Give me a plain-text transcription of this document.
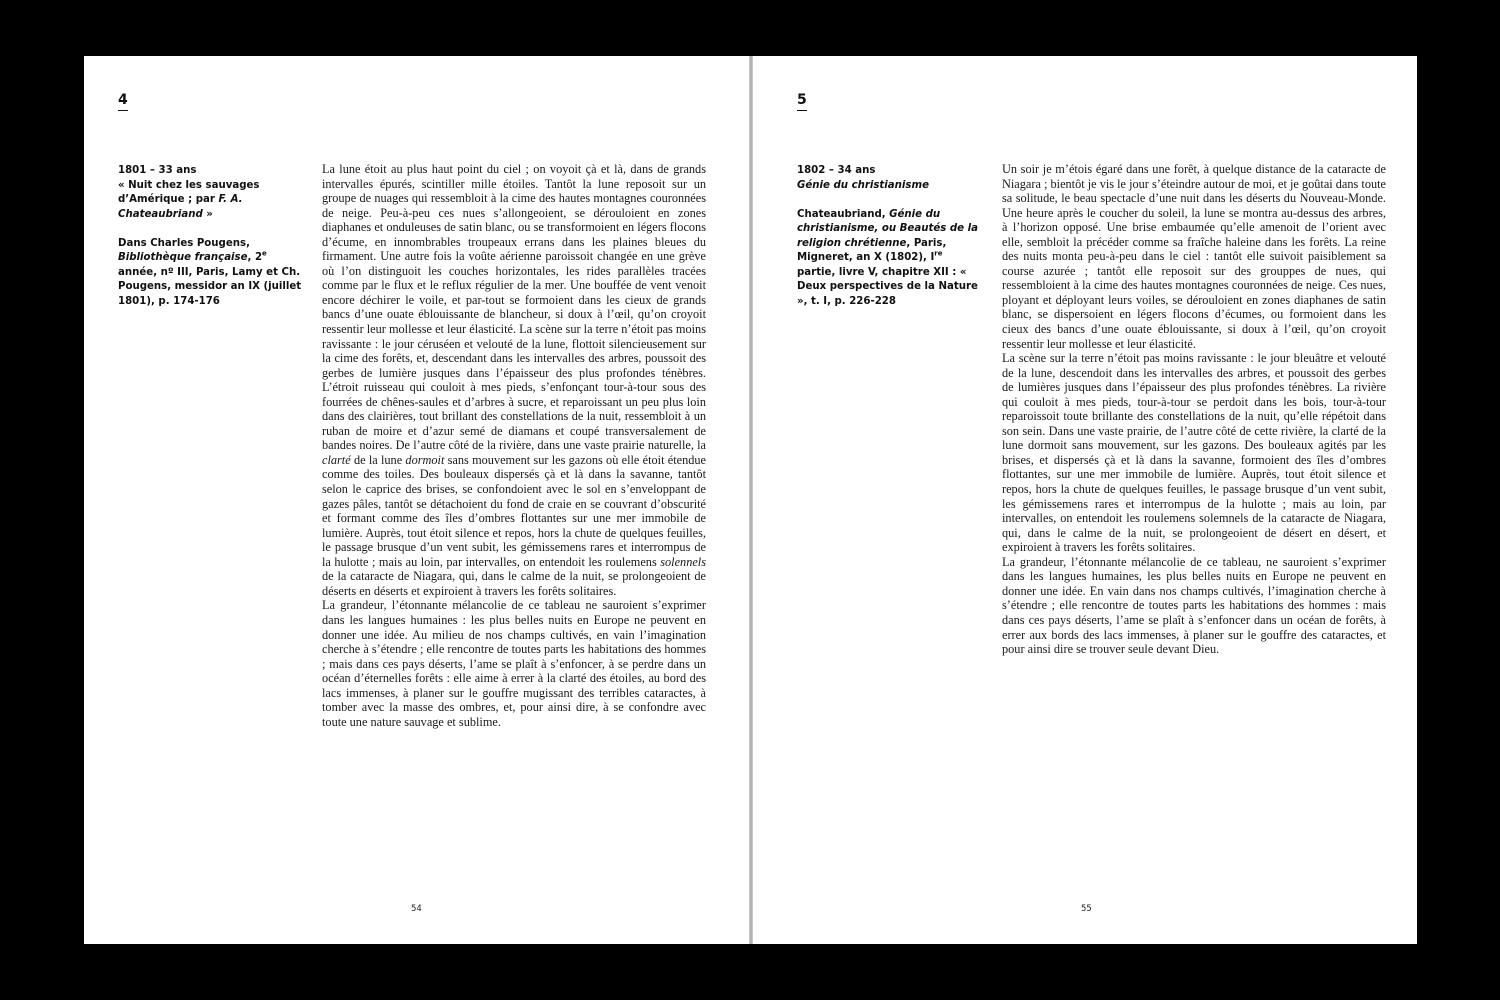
4
1801 – 33 ans
« Nuit chez les sauvages d’Amérique ; par F. A. Chateaubriand »
Dans Charles Pougens, Bibliothèque française, 2e année, nº III, Paris, Lamy et Ch. Pougens, messidor an IX (juillet 1801), p. 174-176

La lune étoit au plus haut point du ciel ; on voyoit çà et là, dans de grands intervalles épurés, scintiller mille étoiles. Tantôt la lune reposoit sur un groupe de nuages qui ressembloit à la cime des hautes montagnes couronnées de neige. Peu-à-peu ces nues s’allongeoient, se dérouloient en zones diaphanes et onduleuses de satin blanc, ou se transformoient en légers flocons d’écume, en innombrables troupeaux errans dans les plaines bleues du firmament. Une autre fois la voûte aérienne paroissoit changée en une grève où l’on distinguoit les couches horizontales, les rides parallèles tracées comme par le flux et le reflux régulier de la mer. Une bouffée de vent venoit encore déchirer le voile, et par-tout se formoient dans les cieux de grands bancs d’une ouate éblouissante de blancheur, si doux à l’œil, qu’on croyoit ressentir leur mollesse et leur élasticité. La scène sur la terre n’étoit pas moins ravissante : le jour céruséen et velouté de la lune, flottoit silencieusement sur la cime des forêts, et, descendant dans les intervalles des arbres, poussoit des gerbes de lumière jusques dans l’épaisseur des plus profondes ténèbres. L’étroit ruisseau qui couloit à mes pieds, s’enfonçant tour-à-tour sous des fourrées de chênes-saules et d’arbres à sucre, et reparoissant un peu plus loin dans des clairières, tout brillant des constellations de la nuit, ressembloit à un ruban de moire et d’azur semé de diamans et coupé transversalement de bandes noires. De l’autre côté de la rivière, dans une vaste prairie naturelle, la clarté de la lune dormoit sans mouvement sur les gazons où elle étoit étendue comme des toiles. Des bouleaux dispersés çà et là dans la savanne, tantôt selon le caprice des brises, se confondoient avec le sol en s’enveloppant de gazes pâles, tantôt se détachoient du fond de craie en se couvrant d’obscurité et formant comme des îles d’ombres flottantes sur une mer immobile de lumière. Auprès, tout étoit silence et repos, hors la chute de quelques feuilles, le passage brusque d’un vent subit, les gémissemens rares et interrompus de la hulotte ; mais au loin, par intervalles, on entendoit les roulemens solennels de la cataracte de Niagara, qui, dans le calme de la nuit, se prolongeoient de déserts en déserts et expiroient à travers les forêts solitaires.

La grandeur, l’étonnante mélancolie de ce tableau ne sauroient s’exprimer dans les langues humaines : les plus belles nuits en Europe ne peuvent en donner une idée. Au milieu de nos champs cultivés, en vain l’imagination cherche à s’étendre ; elle rencontre de toutes parts les habitations des hommes ; mais dans ces pays déserts, l’ame se plaît à s’enfoncer, à se perdre dans un océan d’éternelles forêts : elle aime à errer à la clarté des étoiles, au bord des lacs immenses, à planer sur le gouffre mugissant des terribles cataractes, à tomber avec la masse des ombres, et, pour ainsi dire, à se confondre avec toute une nature sauvage et sublime.

54
5
1802 – 34 ans
Génie du christianisme
Chateaubriand, Génie du christianisme, ou Beautés de la religion chrétienne, Paris, Migneret, an X (1802), Ire partie, livre V, chapitre XII : « Deux perspectives de la Nature », t. I, p. 226-228

Un soir je m’étois égaré dans une forêt, à quelque distance de la cataracte de Niagara ; bientôt je vis le jour s’éteindre autour de moi, et je goûtai dans toute sa solitude, le beau spectacle d’une nuit dans les déserts du Nouveau-Monde. Une heure après le coucher du soleil, la lune se montra au-dessus des arbres, à l’horizon opposé. Une brise embaumée qu’elle amenoit de l’orient avec elle, sembloit la précéder comme sa fraîche haleine dans les forêts. La reine des nuits monta peu-à-peu dans le ciel : tantôt elle suivoit paisiblement sa course azurée ; tantôt elle reposoit sur des grouppes de nues, qui ressembloient à la cime des hautes montagnes couronnées de neige. Ces nues, ployant et déployant leurs voiles, se dérouloient en zones diaphanes de satin blanc, se dispersoient en légers flocons d’écumes, ou formoient dans les cieux des bancs d’une ouate éblouissante, si doux à l’œil, qu’on croyoit ressentir leur mollesse et leur élasticité.

La scène sur la terre n’étoit pas moins ravissante : le jour bleuâtre et velouté de la lune, descendoit dans les intervalles des arbres, et poussoit des gerbes de lumières jusques dans l’épaisseur des plus profondes ténèbres. La rivière qui couloit à mes pieds, tour-à-tour se perdoit dans les bois, tour-à-tour reparoissoit toute brillante des constellations de la nuit, qu’elle répétoit dans son sein. Dans une vaste prairie, de l’autre côté de cette rivière, la clarté de la lune dormoit sans mouvement, sur les gazons. Des bouleaux agités par les brises, et dispersés çà et là dans la savanne, formoient des îles d’ombres flottantes, sur une mer immobile de lumière. Auprès, tout étoit silence et repos, hors la chute de quelques feuilles, le passage brusque d’un vent subit, les gémissemens rares et interrompus de la hulotte ; mais au loin, par intervalles, on entendoit les roulemens solemnels de la cataracte de Niagara, qui, dans le calme de la nuit, se prolongeoient de désert en désert, et expiroient à travers les forêts solitaires.

La grandeur, l’étonnante mélancolie de ce tableau, ne sauroient s’exprimer dans les langues humaines, les plus belles nuits en Europe ne peuvent en donner une idée. En vain dans nos champs cultivés, l’imagination cherche à s’étendre ; elle rencontre de toutes parts les habitations des hommes : mais dans ces pays déserts, l’ame se plaît à s’enfoncer dans un océan de forêts, à errer aux bords des lacs immenses, à planer sur le gouffre des cataractes, et pour ainsi dire se trouver seule devant Dieu.

55
